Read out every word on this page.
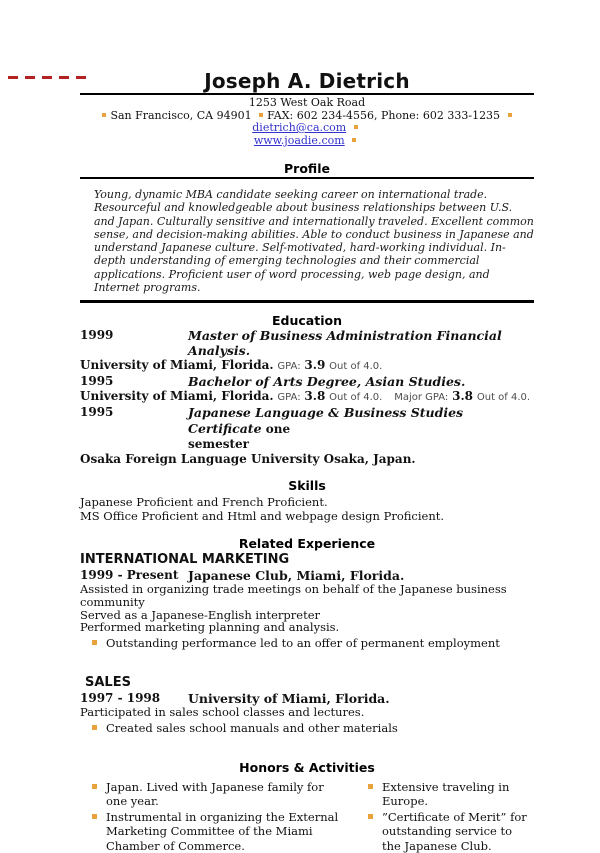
Joseph A. Dietrich
1253 West Oak Road
San Francisco, CA 94901 FAX: 602 234-4556, Phone: 602 333-1235 dietrich@ca.com
www.joadie.com
Profile

Young, dynamic MBA candidate seeking career on international trade. Resourceful and knowledgeable about business relationships between U.S. and Japan. Culturally sensitive and internationally traveled. Excellent common sense, and decision-making abilities. Able to conduct business in Japanese and understand Japanese culture. Self-motivated, hard-working individual. In-depth understanding of emerging technologies and their commercial applications. Proficient user of word processing, web page design, and Internet programs.

Education
1999	Master of Business Administration Financial Analysis.
University of Miami, Florida. GPA: 3.9 Out of 4.0.
1995	Bachelor of Arts Degree, Asian Studies.
University of Miami, Florida. GPA: 3.8 Out of 4.0. Major GPA: 3.8 Out of 4.0.
1995	Japanese Language & Business Studies Certificate one
semester
Osaka Foreign Language University Osaka, Japan.
Skills
Japanese Proficient and French Proficient.
MS Office Proficient and Html and webpage design Proficient.
Related Experience
INTERNATIONAL MARKETING
1999 - Present Japanese Club, Miami, Florida.
Assisted in organizing trade meetings on behalf of the Japanese business community
Served as a Japanese-English interpreter
Performed marketing planning and analysis.
Outstanding performance led to an offer of permanent employment
SALES
1997 - 1998	University of Miami, Florida.
Participated in sales school classes and lectures.
Created sales school manuals and other materials
Honors & Activities
Japan. Lived with Japanese family for one year.
Instrumental in organizing the External Marketing Committee of the Miami Chamber of Commerce.
Extensive traveling in Europe.
”Certificate of Merit” for outstanding service to the Japanese Club.
